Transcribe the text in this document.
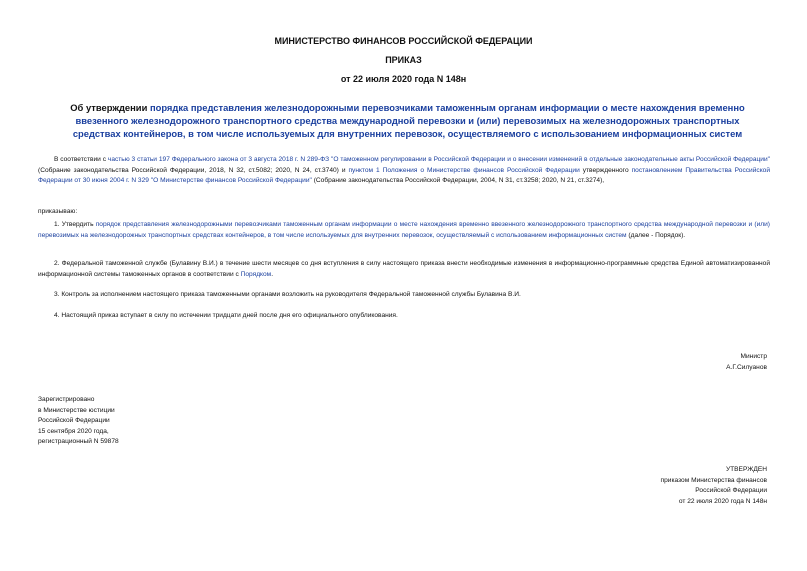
МИНИСТЕРСТВО ФИНАНСОВ РОССИЙСКОЙ ФЕДЕРАЦИИ
ПРИКАЗ
от 22 июля 2020 года N 148н
Об утверждении порядка представления железнодорожными перевозчиками таможенным органам информации о месте нахождения временно ввезенного железнодорожного транспортного средства международной перевозки и (или) перевозимых на железнодорожных транспортных средствах контейнеров, в том числе используемых для внутренних перевозок, осуществляемого с использованием информационных систем
В соответствии с частью 3 статьи 197 Федерального закона от 3 августа 2018 г. N 289-ФЗ "О таможенном регулировании в Российской Федерации и о внесении изменений в отдельные законодательные акты Российской Федерации" (Собрание законодательства Российской Федерации, 2018, N 32, ст.5082; 2020, N 24, ст.3740) и пунктом 1 Положения о Министерстве финансов Российской Федерации утвержденного постановлением Правительства Российской Федерации от 30 июня 2004 г. N 329 "О Министерстве финансов Российской Федерации" (Собрание законодательства Российской Федерации, 2004, N 31, ст.3258; 2020, N 21, ст.3274),
приказываю:
1. Утвердить порядок представления железнодорожными перевозчиками таможенным органам информации о месте нахождения временно ввезенного железнодорожного транспортного средства международной перевозки и (или) перевозимых на железнодорожных транспортных средствах контейнеров, в том числе используемых для внутренних перевозок, осуществляемый с использованием информационных систем (далее - Порядок).
2. Федеральной таможенной службе (Булавину В.И.) в течение шести месяцев со дня вступления в силу настоящего приказа внести необходимые изменения в информационно-программные средства Единой автоматизированной информационной системы таможенных органов в соответствии с Порядком.
3. Контроль за исполнением настоящего приказа таможенными органами возложить на руководителя Федеральной таможенной службы Булавина В.И.
4. Настоящий приказ вступает в силу по истечении тридцати дней после дня его официального опубликования.
Министр
А.Г.Силуанов
Зарегистрировано
в Министерстве юстиции
Российской Федерации
15 сентября 2020 года,
регистрационный N 59878
УТВЕРЖДЕН
приказом Министерства финансов
Российской Федерации
от 22 июля 2020 года N 148н
